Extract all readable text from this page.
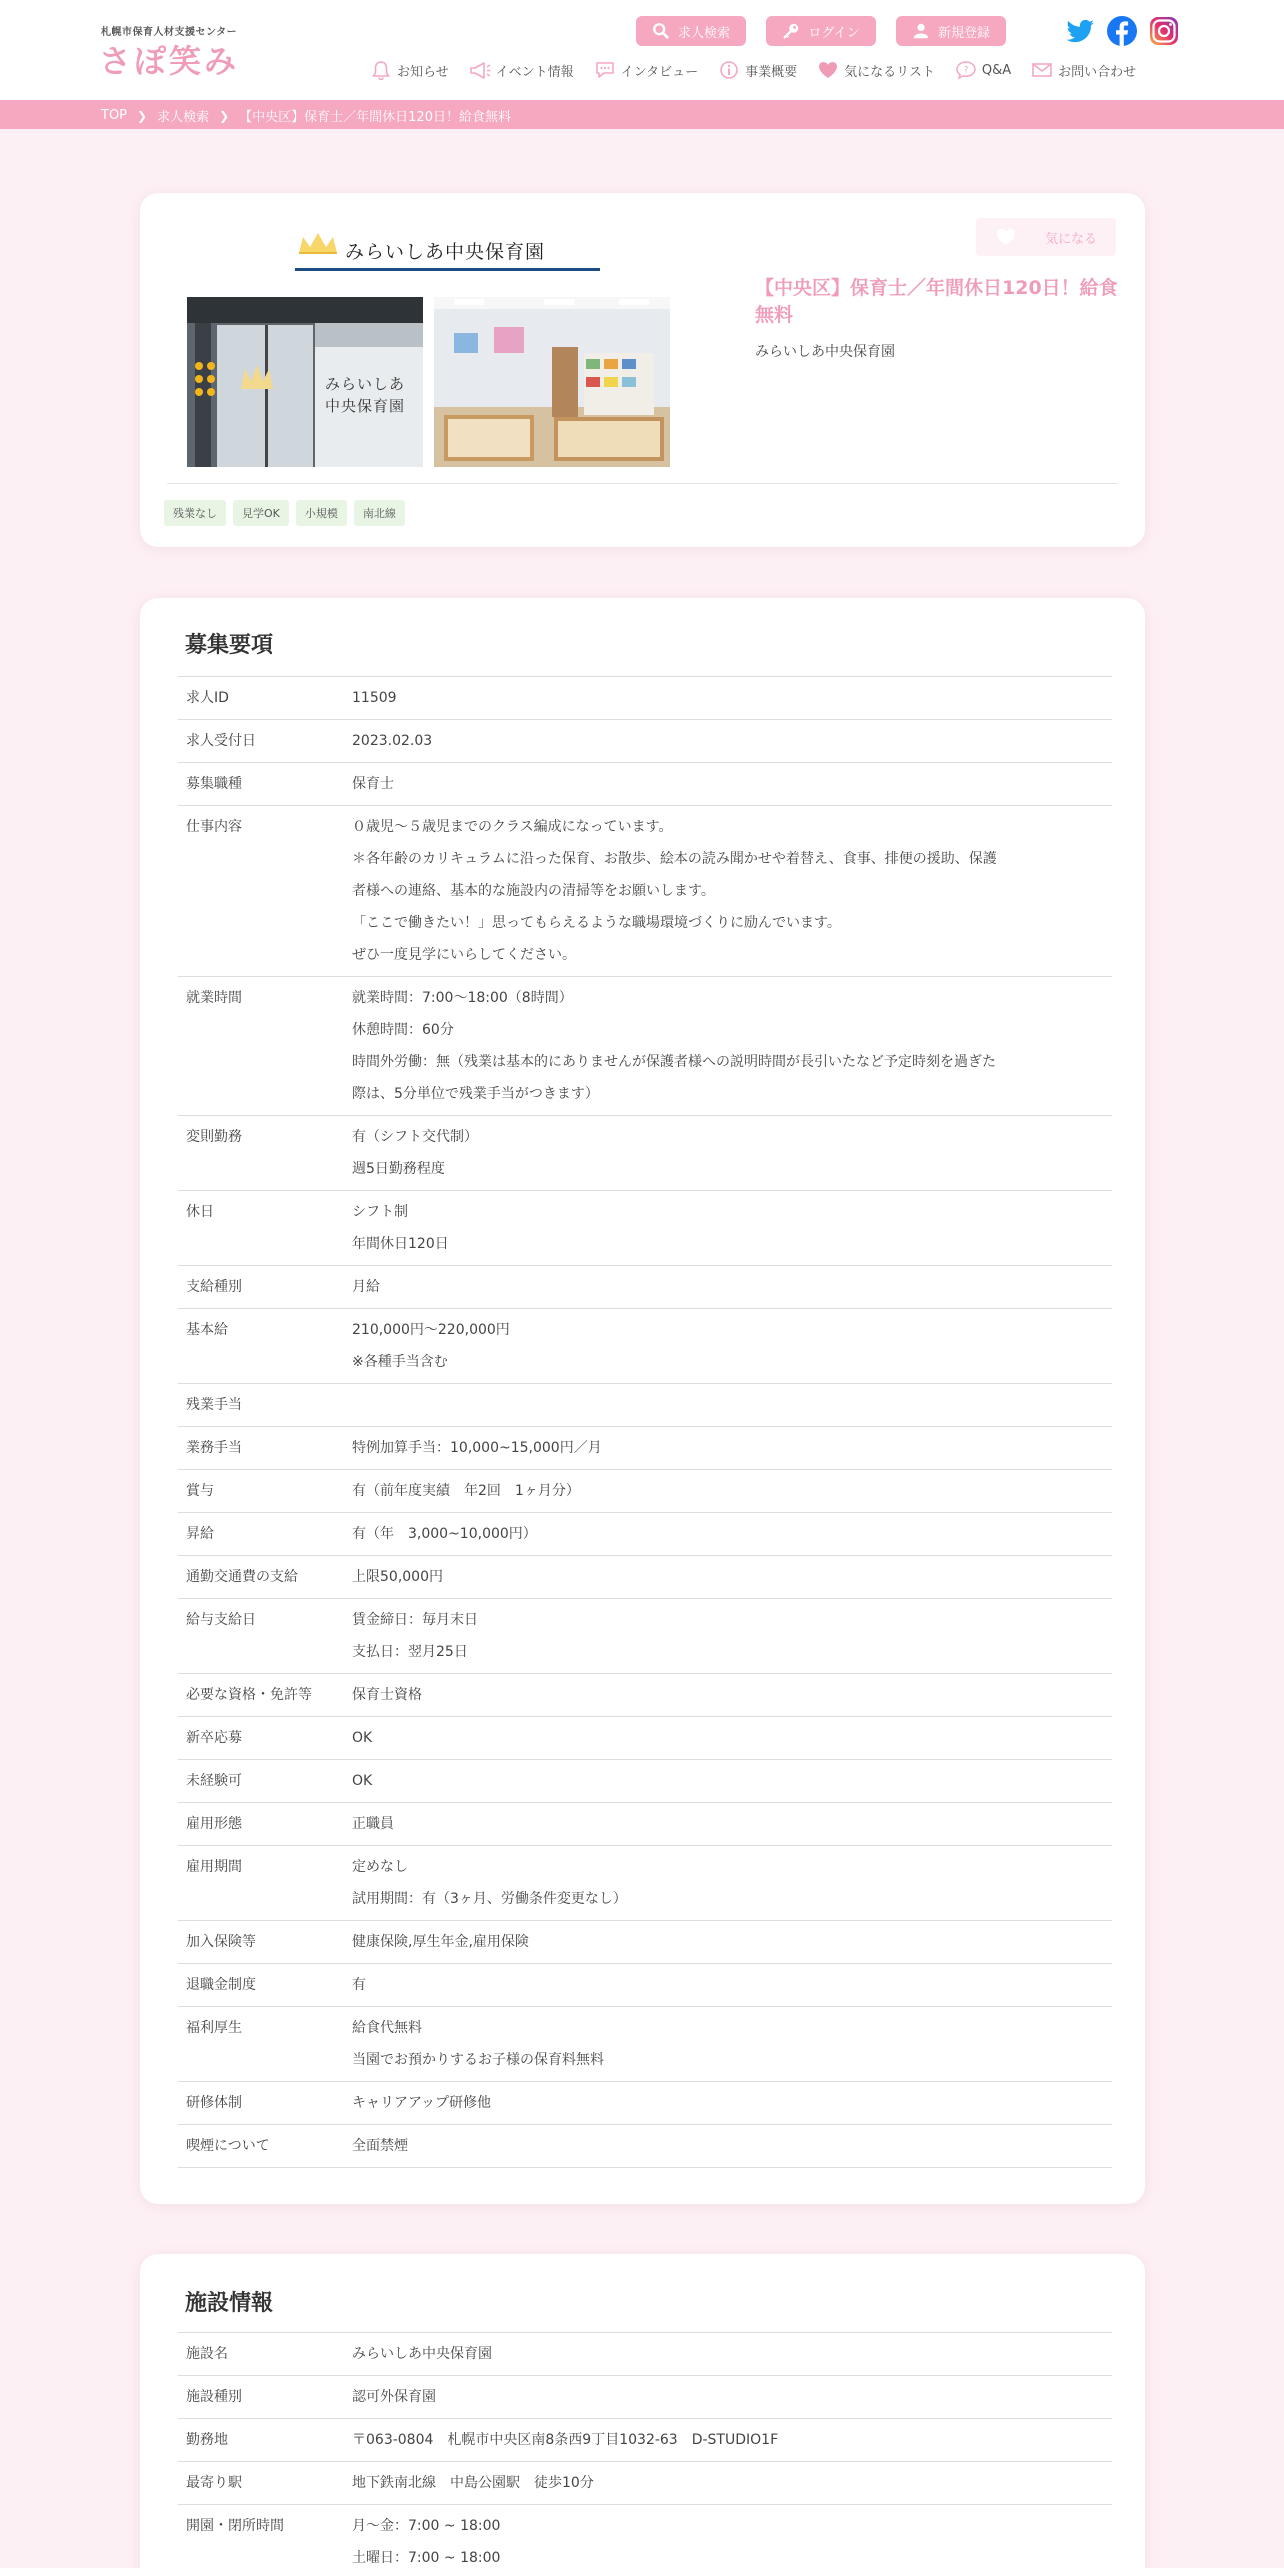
札幌市保育人材支援センター
さぽ笑み
求人検索	ログイン	新規登録
お知らせ	イベント情報	インタビュー	事業概要	気になるリスト	? Q&A	お問い合わせ
TOP ❯ 求人検索 ❯ 【中央区】保育士／年間休日120日！給食無料
みらいしあ中央保育園
みらいしあ
中央保育園
気になる
【中央区】保育士／年間休日120日！給食無料
みらいしあ中央保育園
残業なし	見学OK	小規模	南北線
募集要項
求人ID	11509
求人受付日	2023.02.03
募集職種	保育士
仕事内容	０歳児～５歳児までのクラス編成になっています。
＊各年齢のカリキュラムに沿った保育、お散歩、絵本の読み聞かせや着替え、食事、排便の援助、保護
者様への連絡、基本的な施設内の清掃等をお願いします。
「ここで働きたい！」思ってもらえるような職場環境づくりに励んでいます。
ぜひ一度見学にいらしてください。
就業時間	就業時間：7:00～18:00（8時間）
休憩時間：60分
時間外労働：無（残業は基本的にありませんが保護者様への説明時間が長引いたなど予定時刻を過ぎた
際は、5分単位で残業手当がつきます）
変則勤務	有（シフト交代制）
週5日勤務程度
休日	シフト制
年間休日120日
支給種別	月給
基本給	210,000円～220,000円
※各種手当含む
残業手当
業務手当	特例加算手当：10,000~15,000円／月
賞与	有（前年度実績　年2回　1ヶ月分）
昇給	有（年　3,000~10,000円）
通勤交通費の支給	上限50,000円
給与支給日	賃金締日：毎月末日
支払日：翌月25日
必要な資格・免許等	保育士資格
新卒応募	OK
未経験可	OK
雇用形態	正職員
雇用期間	定めなし
試用期間：有（3ヶ月、労働条件変更なし）
加入保険等	健康保険,厚生年金,雇用保険
退職金制度	有
福利厚生	給食代無料
当園でお預かりするお子様の保育料無料
研修体制	キャリアアップ研修他
喫煙について	全面禁煙
施設情報
施設名	みらいしあ中央保育園
施設種別	認可外保育園
勤務地	〒063-0804　札幌市中央区南8条西9丁目1032-63　D-STUDIO1F
最寄り駅	地下鉄南北線　中島公園駅　徒歩10分
開園・閉所時間	月～金：7:00 ~ 18:00
土曜日：7:00 ~ 18:00
